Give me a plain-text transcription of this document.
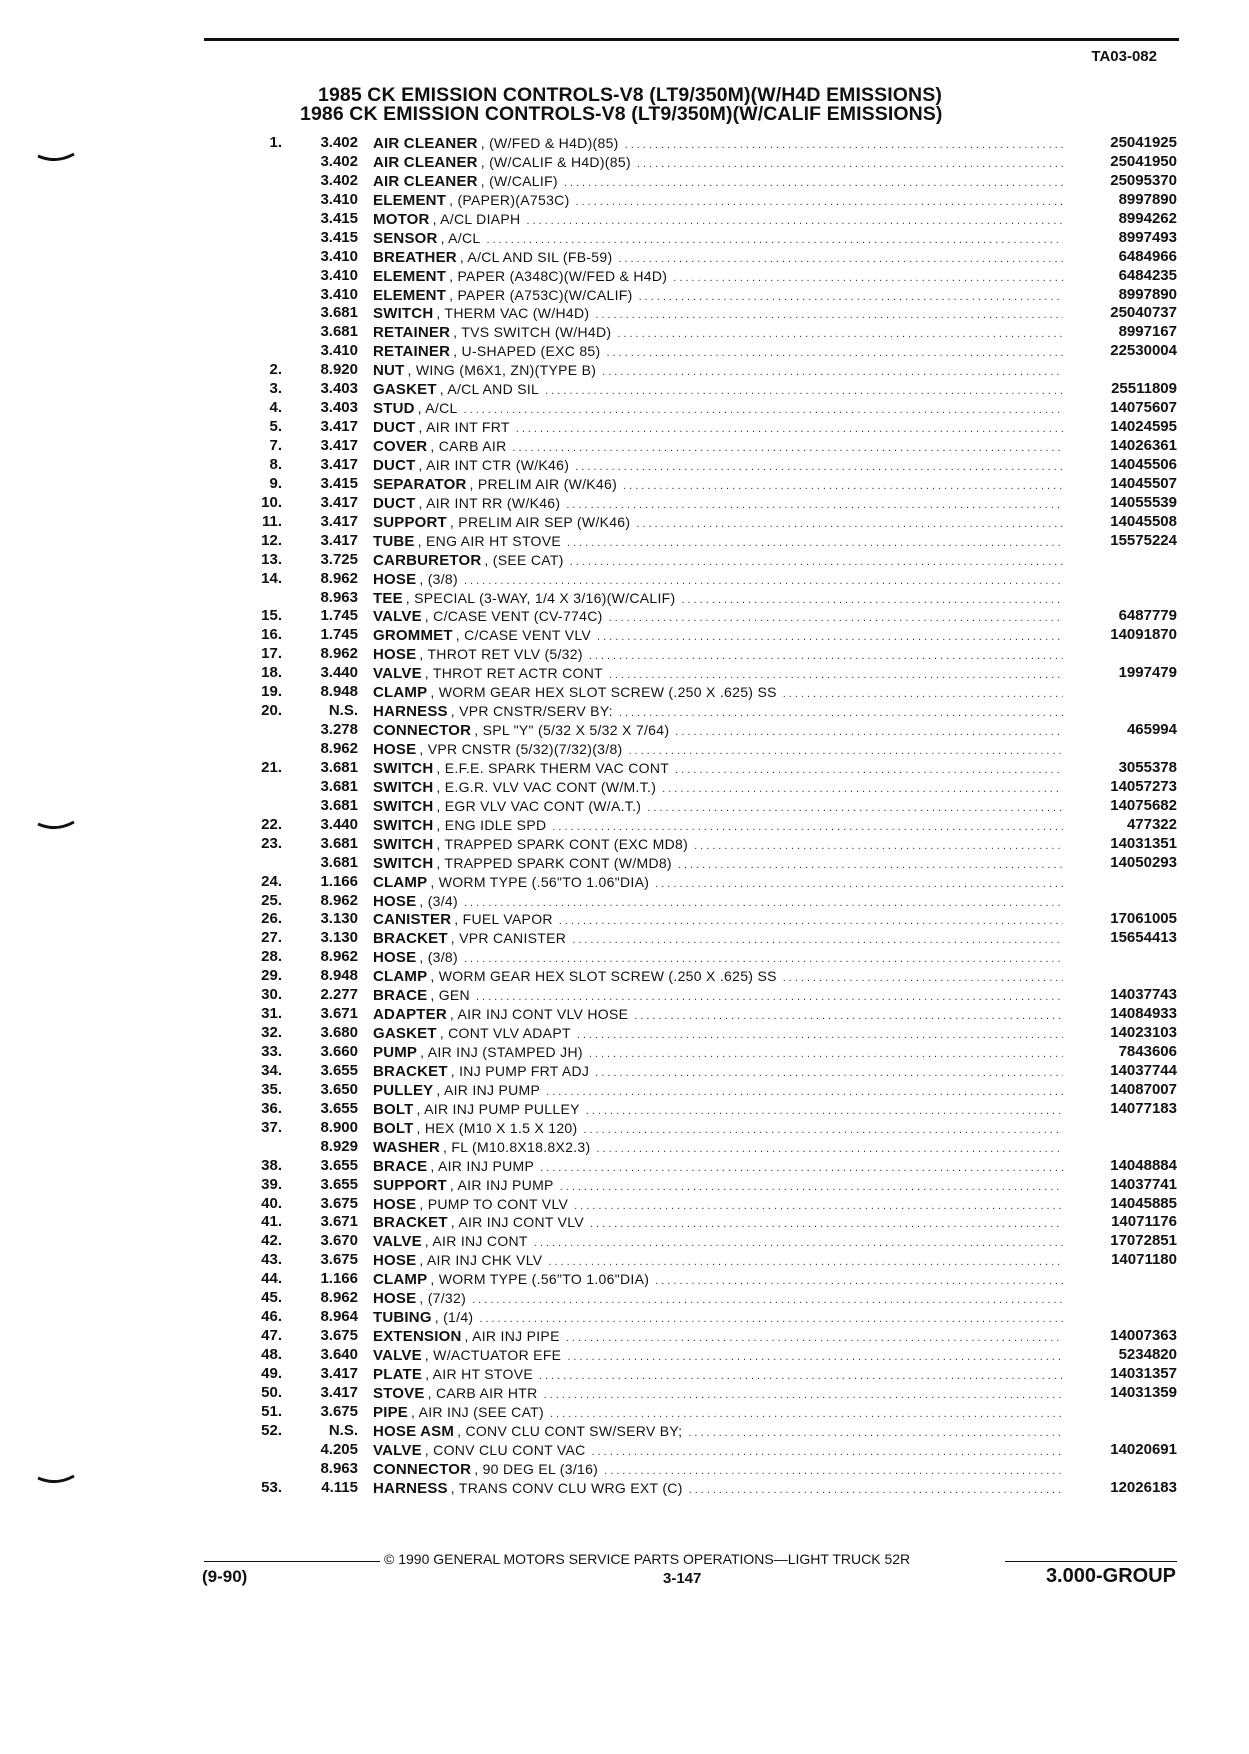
TA03-082
1985 CK EMISSION CONTROLS-V8 (LT9/350M)(W/H4D EMISSIONS)
1986 CK EMISSION CONTROLS-V8 (LT9/350M)(W/CALIF EMISSIONS)
1.	3.402 AIR CLEANER , (W/FED & H4D)(85) .....	25041925
3.402 AIR CLEANER , (W/CALIF & H4D)(85) .....	25041950
3.402 AIR CLEANER , (W/CALIF) .....	25095370
3.410 ELEMENT , (PAPER)(A753C) .....	8997890
3.415 MOTOR , A/CL DIAPH .....	8994262
3.415 SENSOR , A/CL .....	8997493
3.410 BREATHER , A/CL AND SIL (FB-59) .....	6484966
3.410 ELEMENT , PAPER (A348C)(W/FED & H4D) .....	6484235
3.410 ELEMENT , PAPER (A753C)(W/CALIF) .....	8997890
3.681 SWITCH , THERM VAC (W/H4D) .....	25040737
3.681 RETAINER , TVS SWITCH (W/H4D) .....	8997167
3.410 RETAINER , U-SHAPED (EXC 85) .....	22530004
2.	8.920 NUT , WING (M6X1, ZN)(TYPE B)
.....
3.	3.403 GASKET , A/CL AND SIL .....	25511809
4.	3.403 STUD , A/CL .....	14075607
5.	3.417 DUCT , AIR INT FRT .....	14024595
7.	3.417 COVER , CARB AIR .....	14026361
8.	3.417 DUCT , AIR INT CTR (W/K46) .....	14045506
9.	3.415 SEPARATOR , PRELIM AIR (W/K46) .....	14045507
10.	3.417 DUCT , AIR INT RR (W/K46) .....	14055539
11.	3.417 SUPPORT , PRELIM AIR SEP (W/K46) .....	14045508
12.	3.417 TUBE , ENG AIR HT STOVE .....	15575224
13.	3.725 CARBURETOR , (SEE CAT)
.....
14.	8.962 HOSE , (3/8)
.....
8.963 TEE , SPECIAL (3-WAY, 1/4 X 3/16)(W/CALIF)
.....
15.	1.745 VALVE , C/CASE VENT (CV-774C) .....	6487779
16.	1.745 GROMMET , C/CASE VENT VLV .....	14091870
17.	8.962 HOSE , THROT RET VLV (5/32)
.....
18.	3.440 VALVE , THROT RET ACTR CONT .....	1997479
19.	8.948 CLAMP , WORM GEAR HEX SLOT SCREW (.250 X .625) SS
.....
20.	N.S. HARNESS , VPR CNSTR/SERV BY:
.....
3.278 CONNECTOR , SPL "Y" (5/32 X 5/32 X 7/64) .....	465994
8.962 HOSE , VPR CNSTR (5/32)(7/32)(3/8)
.....
21.	3.681 SWITCH , E.F.E. SPARK THERM VAC CONT .....	3055378
3.681 SWITCH , E.G.R. VLV VAC CONT (W/M.T.) .....	14057273
3.681 SWITCH , EGR VLV VAC CONT (W/A.T.) .....	14075682
22.	3.440 SWITCH , ENG IDLE SPD .....	477322
23.	3.681 SWITCH , TRAPPED SPARK CONT (EXC MD8) .....	14031351
3.681 SWITCH , TRAPPED SPARK CONT (W/MD8) .....	14050293
24.	1.166 CLAMP , WORM TYPE (.56"TO 1.06"DIA)
.....
25.	8.962 HOSE , (3/4)
.....
26.	3.130 CANISTER , FUEL VAPOR .....	17061005
27.	3.130 BRACKET , VPR CANISTER .....	15654413
28.	8.962 HOSE , (3/8)
.....
29.	8.948 CLAMP , WORM GEAR HEX SLOT SCREW (.250 X .625) SS
.....
30.	2.277 BRACE , GEN .....	14037743
31.	3.671 ADAPTER , AIR INJ CONT VLV HOSE .....	14084933
32.	3.680 GASKET , CONT VLV ADAPT .....	14023103
33.	3.660 PUMP , AIR INJ (STAMPED JH) .....	7843606
34.	3.655 BRACKET , INJ PUMP FRT ADJ .....	14037744
35.	3.650 PULLEY , AIR INJ PUMP .....	14087007
36.	3.655 BOLT , AIR INJ PUMP PULLEY .....	14077183
37.	8.900 BOLT , HEX (M10 X 1.5 X 120)
.....
8.929 WASHER , FL (M10.8X18.8X2.3)
.....
38.	3.655 BRACE , AIR INJ PUMP .....	14048884
39.	3.655 SUPPORT , AIR INJ PUMP .....	14037741
40.	3.675 HOSE , PUMP TO CONT VLV .....	14045885
41.	3.671 BRACKET , AIR INJ CONT VLV .....	14071176
42.	3.670 VALVE , AIR INJ CONT .....	17072851
43.	3.675 HOSE , AIR INJ CHK VLV .....	14071180
44.	1.166 CLAMP , WORM TYPE (.56"TO 1.06"DIA)
.....
45.	8.962 HOSE , (7/32)
.....
46.	8.964 TUBING , (1/4)
.....
47.	3.675 EXTENSION , AIR INJ PIPE .....	14007363
48.	3.640 VALVE , W/ACTUATOR EFE .....	5234820
49.	3.417 PLATE , AIR HT STOVE .....	14031357
50.	3.417 STOVE , CARB AIR HTR .....	14031359
51.	3.675 PIPE , AIR INJ (SEE CAT)
.....
52.	N.S. HOSE ASM , CONV CLU CONT SW/SERV BY;
.....
4.205 VALVE , CONV CLU CONT VAC .....	14020691
8.963 CONNECTOR , 90 DEG EL (3/16)
.....
53.	4.115 HARNESS , TRANS CONV CLU WRG EXT (C) .....	12026183
© 1990 GENERAL MOTORS SERVICE PARTS OPERATIONS—LIGHT TRUCK 52R
(9-90)	3-147	3.000-GROUP
